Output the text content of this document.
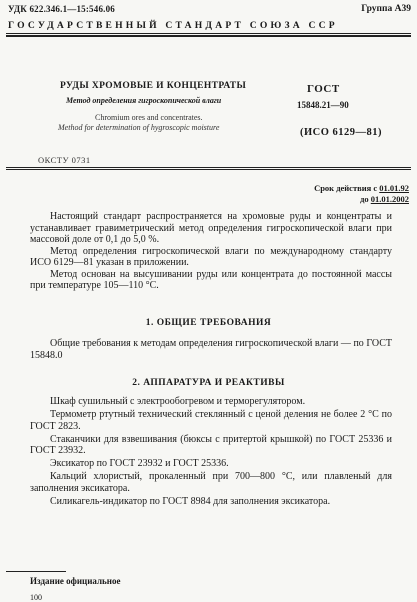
УДК 622.346.1—15:546.06	Группа А39
ГОСУДАРСТВЕННЫЙ СТАНДАРТ СОЮЗА ССР
РУДЫ ХРОМОВЫЕ И КОНЦЕНТРАТЫ
Метод определения гигроскопической влаги
Chromium ores and concentrates.
Method for determination of hygroscopic moisture
ГОСТ
15848.21—90
(ИСО 6129—81)
ОКСТУ 0731
Срок действия с 01.01.92
до 01.01.2002

Настоящий стандарт распространяется на хромовые руды и концентраты и устанавливает гравиметрический метод определения гигроскопической влаги при массовой доле от 0,1 до 5,0 %.

Метод определения гигроскопической влаги по международному стандарту ИСО 6129—81 указан в приложении.

Метод основан на высушивании руды или концентрата до постоянной массы при температуре 105—110 °C.

1. ОБЩИЕ ТРЕБОВАНИЯ

Общие требования к методам определения гигроскопической влаги — по ГОСТ 15848.0

2. АППАРАТУРА И РЕАКТИВЫ

Шкаф сушильный с электрообогревом и терморегулятором.

Термометр ртутный технический стеклянный с ценой деления не более 2 °C по ГОСТ 2823.

Стаканчики для взвешивания (бюксы с притертой крышкой) по ГОСТ 25336 и ГОСТ 23932.

Эксикатор по ГОСТ 23932 и ГОСТ 25336.

Кальций хлористый, прокаленный при 700—800 °C, или плавленый для заполнения эксикатора.

Силикагель-индикатор по ГОСТ 8984 для заполнения эксикатора.

Издание официальное
100
